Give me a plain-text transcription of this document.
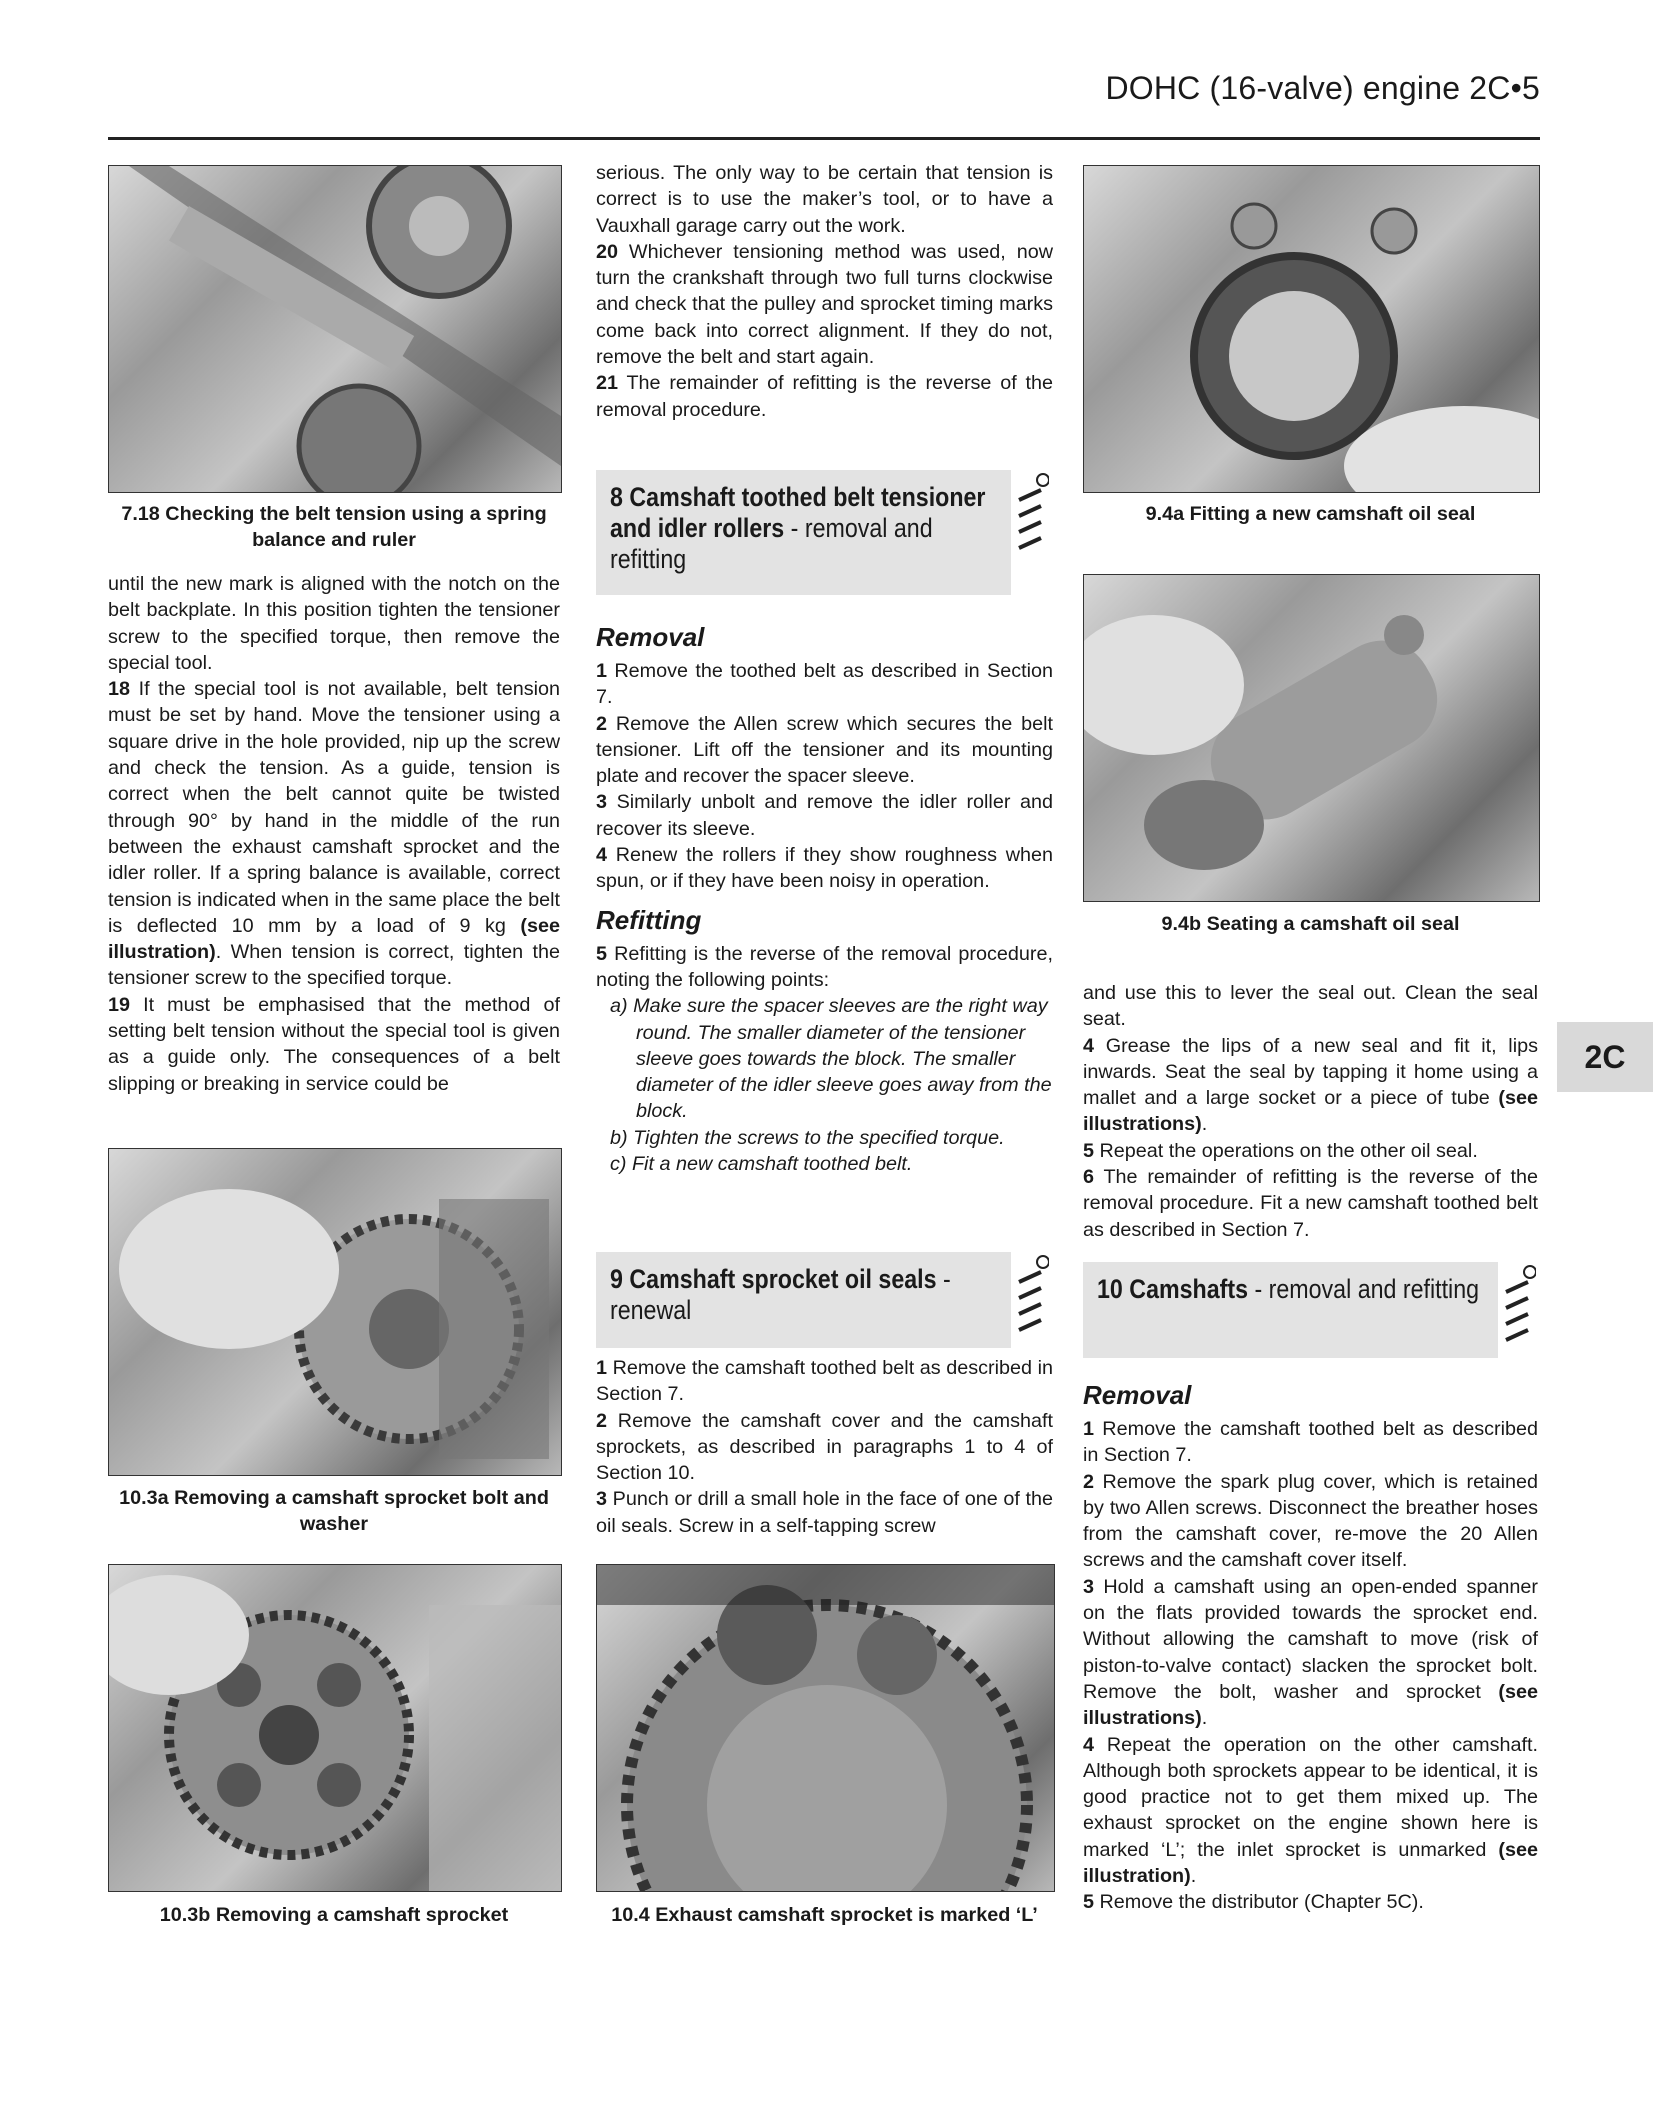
DOHC (16-valve) engine 2C•5
2C
7.18 Checking the belt tension using a spring balance and ruler

until the new mark is aligned with the notch on the belt backplate. In this position tighten the tensioner screw to the specified torque, then remove the special tool.

18 If the special tool is not available, belt tension must be set by hand. Move the tensioner using a square drive in the hole provided, nip up the screw and check the tension. As a guide, tension is correct when the belt cannot quite be twisted through 90° by hand in the middle of the run between the exhaust camshaft sprocket and the idler roller. If a spring balance is available, correct tension is indicated when in the same place the belt is deflected 10 mm by a load of 9 kg (see illustration). When tension is correct, tighten the tensioner screw to the specified torque.

19 It must be emphasised that the method of setting belt tension without the special tool is given as a guide only. The consequences of a belt slipping or breaking in service could be

10.3a Removing a camshaft sprocket bolt and washer
10.3b Removing a camshaft sprocket

serious. The only way to be certain that tension is correct is to use the maker’s tool, or to have a Vauxhall garage carry out the work.

20 Whichever tensioning method was used, now turn the crankshaft through two full turns clockwise and check that the pulley and sprocket timing marks come back into correct alignment. If they do not, remove the belt and start again.

21 The remainder of refitting is the reverse of the removal procedure.

8 Camshaft toothed belt tensioner and idler rollers - removal and refitting
Removal

1 Remove the toothed belt as described in Section 7.

2 Remove the Allen screw which secures the belt tensioner. Lift off the tensioner and its mounting plate and recover the spacer sleeve.

3 Similarly unbolt and remove the idler roller and recover its sleeve.

4 Renew the rollers if they show roughness when spun, or if they have been noisy in operation.

Refitting

5 Refitting is the reverse of the removal procedure, noting the following points:

a) Make sure the spacer sleeves are the right way round. The smaller diameter of the tensioner sleeve goes towards the block. The smaller diameter of the idler sleeve goes away from the block.

b) Tighten the screws to the specified torque.

c) Fit a new camshaft toothed belt.

9 Camshaft sprocket oil seals - renewal

1 Remove the camshaft toothed belt as described in Section 7.

2 Remove the camshaft cover and the camshaft sprockets, as described in paragraphs 1 to 4 of Section 10.

3 Punch or drill a small hole in the face of one of the oil seals. Screw in a self-tapping screw

10.4 Exhaust camshaft sprocket is marked ‘L’
9.4a Fitting a new camshaft oil seal
9.4b Seating a camshaft oil seal

and use this to lever the seal out. Clean the seal seat.

4 Grease the lips of a new seal and fit it, lips inwards. Seat the seal by tapping it home using a mallet and a large socket or a piece of tube (see illustrations).

5 Repeat the operations on the other oil seal.

6 The remainder of refitting is the reverse of the removal procedure. Fit a new camshaft toothed belt as described in Section 7.

10 Camshafts - removal and refitting
Removal

1 Remove the camshaft toothed belt as described in Section 7.

2 Remove the spark plug cover, which is retained by two Allen screws. Disconnect the breather hoses from the camshaft cover, re-move the 20 Allen screws and the camshaft cover itself.

3 Hold a camshaft using an open-ended spanner on the flats provided towards the sprocket end. Without allowing the camshaft to move (risk of piston-to-valve contact) slacken the sprocket bolt. Remove the bolt, washer and sprocket (see illustrations).

4 Repeat the operation on the other camshaft. Although both sprockets appear to be identical, it is good practice not to get them mixed up. The exhaust sprocket on the engine shown here is marked ‘L’; the inlet sprocket is unmarked (see illustration).

5 Remove the distributor (Chapter 5C).
